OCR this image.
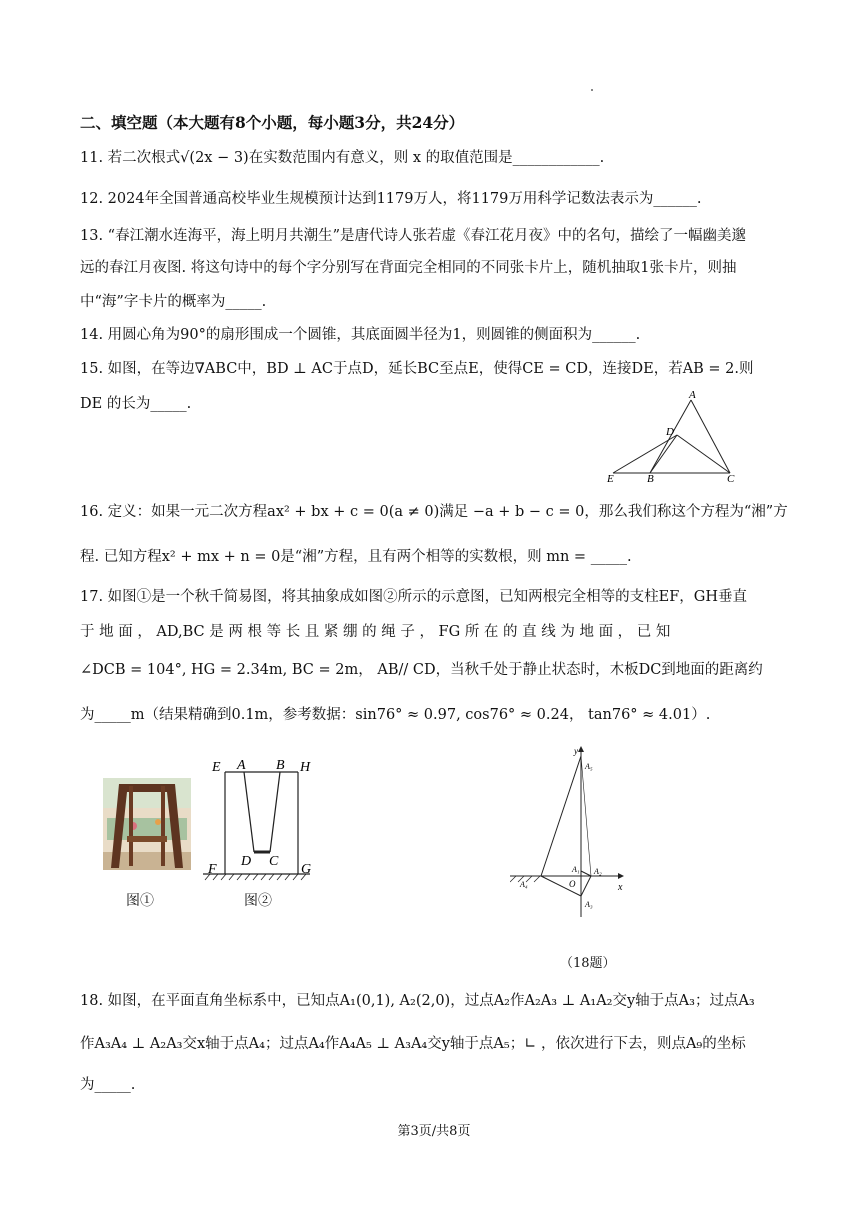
二、填空题（本大题有8个小题，每小题3分，共24分）
11. 若二次根式√(2x − 3)在实数范围内有意义，则 x 的取值范围是____________.
12. 2024年全国普通高校毕业生规模预计达到1179万人，将1179万用科学记数法表示为______.
13. “春江潮水连海平，海上明月共潮生”是唐代诗人张若虚《春江花月夜》中的名句，描绘了一幅幽美邈
远的春江月夜图. 将这句诗中的每个字分别写在背面完全相同的不同张卡片上，随机抽取1张卡片，则抽
中“海”字卡片的概率为_____.
14. 用圆心角为90°的扇形围成一个圆锥，其底面圆半径为1，则圆锥的侧面积为______.
15. 如图，在等边∇ABC中，BD ⊥ AC于点D，延长BC至点E，使得CE = CD，连接DE，若AB = 2.则
DE 的长为_____.
A
D
E	B	C
16. 定义：如果一元二次方程ax² + bx + c = 0(a ≠ 0)满足 −a + b − c = 0，那么我们称这个方程为“湘”方
程. 已知方程x² + mx + n = 0是“湘”方程，且有两个相等的实数根，则 mn = _____.
17. 如图①是一个秋千简易图，将其抽象成如图②所示的示意图，已知两根完全相等的支柱EF，GH垂直
于 地 面 ， AD,BC 是 两 根 等 长 且 紧 绷 的 绳 子 ， FG 所 在 的 直 线 为 地 面 ， 已 知
∠DCB = 104°, HG = 2.34m, BC = 2m， AB// CD，当秋千处于静止状态时，木板DC到地面的距离约
为_____m（结果精确到0.1m，参考数据：sin76° ≈ 0.97, cos76° ≈ 0.24， tan76° ≈ 4.01）.
图①
E A B H
D C
F	G
图②
y
x
O
A₁ A₂
A₃
A₄
A₅
（18题）
18. 如图，在平面直角坐标系中，已知点A₁(0,1), A₂(2,0)，过点A₂作A₂A₃ ⊥ A₁A₂交y轴于点A₃；过点A₃
作A₃A₄ ⊥ A₂A₃交x轴于点A₄；过点A₄作A₄A₅ ⊥ A₃A₄交y轴于点A₅；∟ ，依次进行下去，则点A₉的坐标
为_____.
第3页/共8页
